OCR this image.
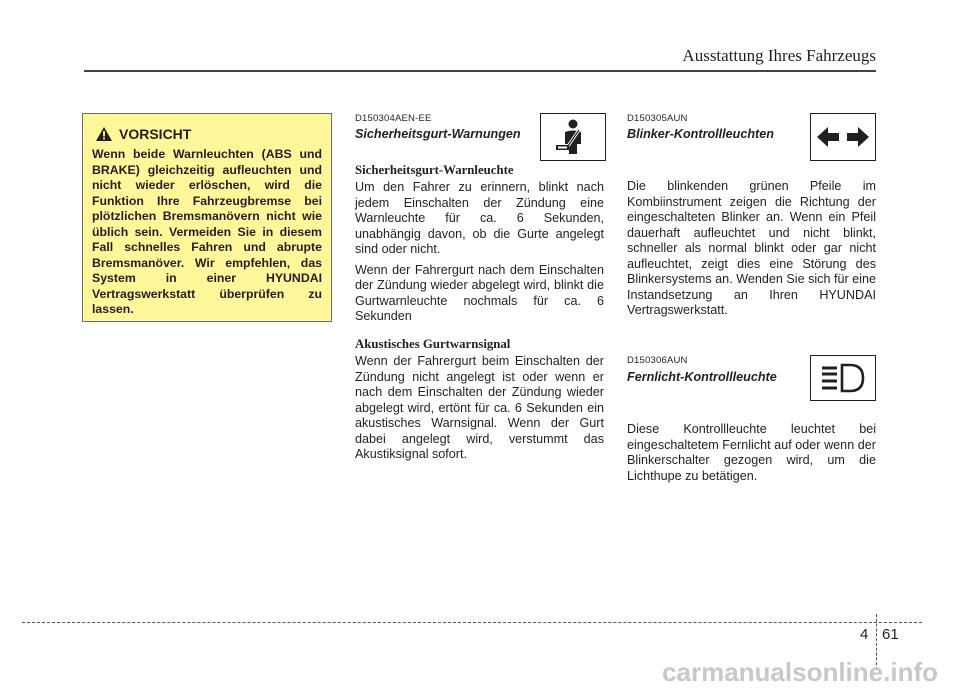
Ausstattung Ihres Fahrzeugs
VORSICHT
Wenn beide Warnleuchten (ABS und BRAKE) gleichzeitig aufleuchten und nicht wieder erlöschen, wird die Funktion Ihre Fahrzeugbremse bei plötzlichen Bremsmanövern nicht wie üblich sein. Vermeiden Sie in diesem Fall schnelles Fahren und abrupte Bremsmanöver. Wir empfehlen, das System in einer HYUNDAI Vertragswerkstatt überprüfen zu lassen.
D150304AEN-EE
Sicherheitsgurt-Warnungen
Sicherheitsgurt-Warnleuchte

Um den Fahrer zu erinnern, blinkt nach jedem Einschalten der Zündung eine Warnleuchte für ca. 6 Sekunden, unabhängig davon, ob die Gurte angelegt sind oder nicht.

Wenn der Fahrergurt nach dem Einschalten der Zündung wieder abgelegt wird, blinkt die Gurtwarnleuchte nochmals für ca. 6 Sekunden

Akustisches Gurtwarnsignal
Wenn der Fahrergurt beim Einschalten der Zündung nicht angelegt ist oder wenn er nach dem Einschalten der Zündung wieder abgelegt wird, ertönt für ca. 6 Sekunden ein akustisches Warnsignal. Wenn der Gurt dabei angelegt wird, verstummt das Akustiksignal sofort.
D150305AUN
Blinker-Kontrollleuchten
Die blinkenden grünen Pfeile im Kombiinstrument zeigen die Richtung der eingeschalteten Blinker an. Wenn ein Pfeil dauerhaft aufleuchtet und nicht blinkt, schneller als normal blinkt oder gar nicht aufleuchtet, zeigt dies eine Störung des Blinkersystems an. Wenden Sie sich für eine Instandsetzung an Ihren HYUNDAI Vertragswerkstatt.
D150306AUN
Fernlicht-Kontrollleuchte
Diese Kontrollleuchte leuchtet bei eingeschaltetem Fernlicht auf oder wenn der Blinkerschalter gezogen wird, um die Lichthupe zu betätigen.
4 61
carmanualsonline.info
